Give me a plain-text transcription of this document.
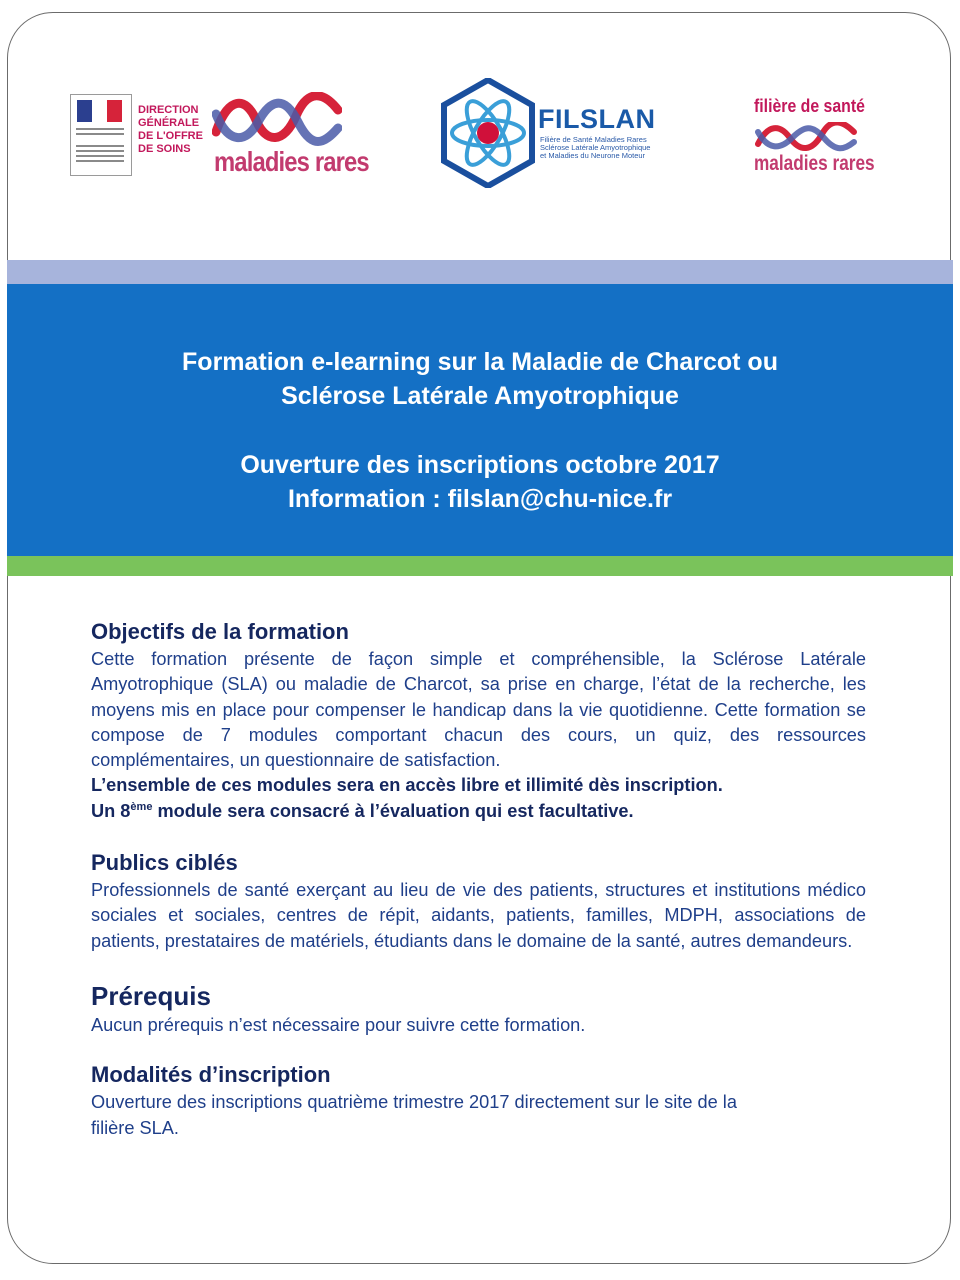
DIRECTION
GÉNÉRALE
DE L'OFFRE
DE SOINS maladies rares
FILSLAN
Filière de Santé Maladies Rares
Sclérose Latérale Amyotrophique
et Maladies du Neurone Moteur
filière de santé
maladies rares
Formation e-learning sur la Maladie de Charcot ou
Sclérose Latérale Amyotrophique
Ouverture des inscriptions octobre 2017
Information : filslan@chu-nice.fr
Objectifs de la formation

Cette formation présente de façon simple et compréhensible, la Sclérose Latérale Amyotrophique (SLA) ou maladie de Charcot, sa prise en charge, l’état de la recherche, les moyens mis en place pour compenser le handicap dans la vie quotidienne. Cette formation se compose de 7 modules comportant chacun des cours, un quiz, des ressources complémentaires, un questionnaire de satisfaction.

L’ensemble de ces modules sera en accès libre et illimité dès inscription.

Un 8ème module sera consacré à l’évaluation qui est facultative.

Publics ciblés

Professionnels de santé exerçant au lieu de vie des patients, structures et institutions médico sociales et sociales, centres de répit, aidants, patients, familles, MDPH, associations de patients, prestataires de matériels, étudiants dans le domaine de la santé, autres demandeurs.

Prérequis

Aucun prérequis n’est nécessaire pour suivre cette formation.

Modalités d’inscription

Ouverture des inscriptions quatrième trimestre 2017 directement sur le site de la

filière SLA.
